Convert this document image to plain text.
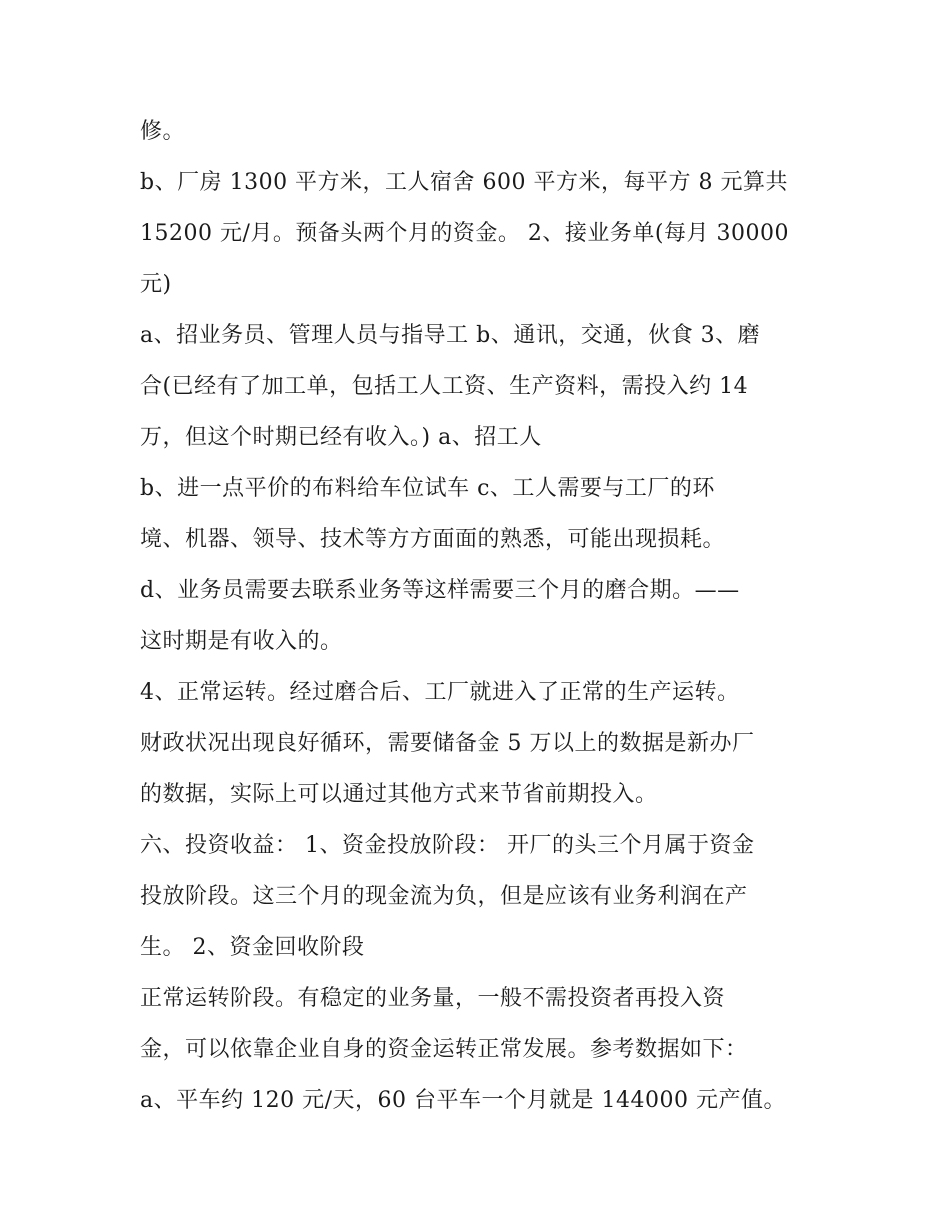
修。
b、厂房 1300 平方米，工人宿舍 600 平方米，每平方 8 元算共
15200 元/月。预备头两个月的资金。 2、接业务单(每月 30000
元)
a、招业务员、管理人员与指导工 b、通讯，交通，伙食 3、磨
合(已经有了加工单，包括工人工资、生产资料，需投入约 14
万，但这个时期已经有收入。) a、招工人
b、进一点平价的布料给车位试车 c、工人需要与工厂的环
境、机器、领导、技术等方方面面的熟悉，可能出现损耗。
d、业务员需要去联系业务等这样需要三个月的磨合期。——
这时期是有收入的。
4、正常运转。经过磨合后、工厂就进入了正常的生产运转。
财政状况出现良好循环，需要储备金 5 万以上的数据是新办厂
的数据，实际上可以通过其他方式来节省前期投入。
六、投资收益： 1、资金投放阶段： 开厂的头三个月属于资金
投放阶段。这三个月的现金流为负，但是应该有业务利润在产
生。 2、资金回收阶段
正常运转阶段。有稳定的业务量，一般不需投资者再投入资
金，可以依靠企业自身的资金运转正常发展。参考数据如下：
a、平车约 120 元/天，60 台平车一个月就是 144000 元产值。
